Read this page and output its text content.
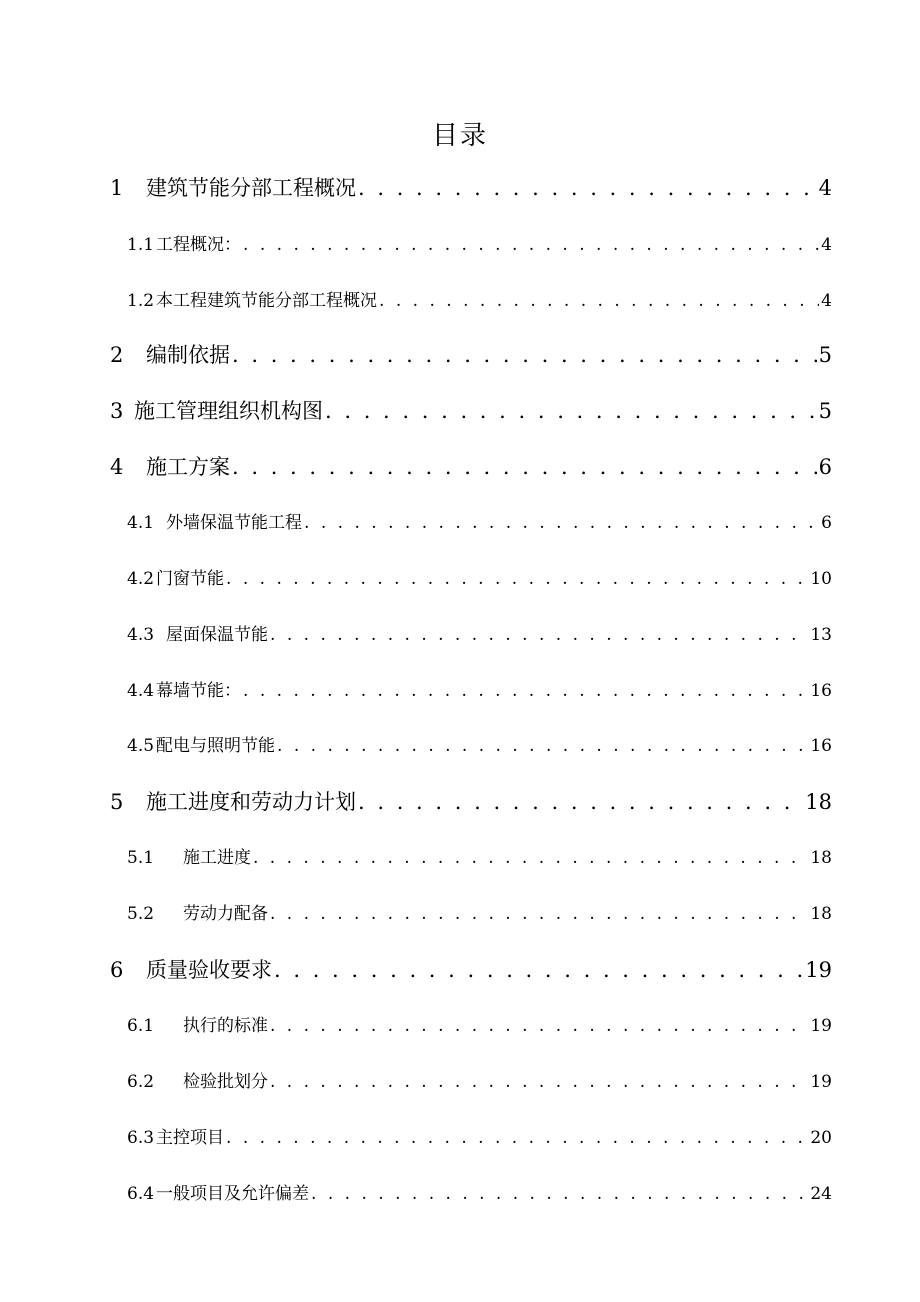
目录
1	建筑节能分部工程概况 . . .	4
1.1 工程概况： . . .	4
1.2 本工程建筑节能分部工程概况 . . .	4
2	编制依据 . . .	5
3 施工管理组织机构图 . . .	5
4	施工方案 . . .	6
4.1 外墙保温节能工程 . . .	6
4.2 门窗节能 . . .	10
4.3 屋面保温节能 . . .	13
4.4 幕墙节能： . . .	16
4.5 配电与照明节能 . . .	16
5	施工进度和劳动力计划 . . .	18
5.1	施工进度 . . .	18
5.2	劳动力配备 . . .	18
6	质量验收要求 . . .	19
6.1	执行的标准 . . .	19
6.2	检验批划分 . . .	19
6.3 主控项目 . . .	20
6.4 一般项目及允许偏差 . . .	24
